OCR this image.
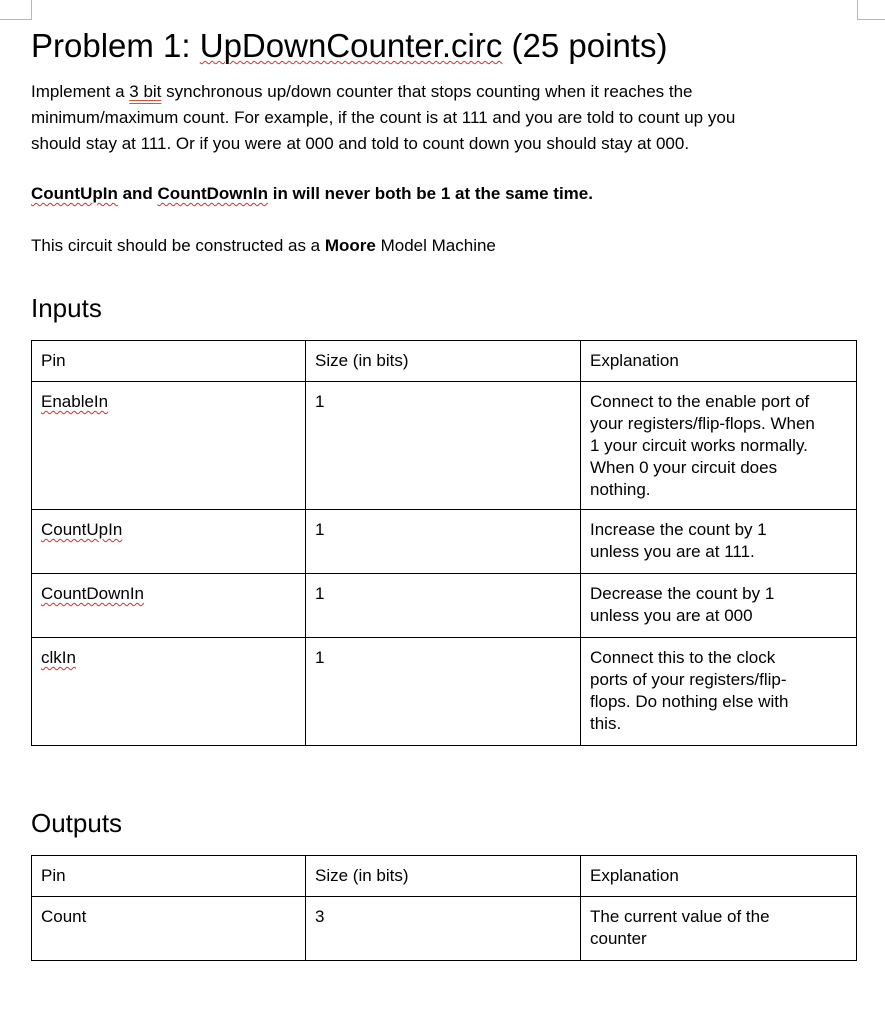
Problem 1: UpDownCounter.circ (25 points)
Implement a 3 bit synchronous up/down counter that stops counting when it reaches the
minimum/maximum count. For example, if the count is at 111 and you are told to count up you
should stay at 111. Or if you were at 000 and told to count down you should stay at 000.
CountUpIn and CountDownIn in will never both be 1 at the same time.
This circuit should be constructed as a Moore Model Machine
Inputs
Pin	Size (in bits)	Explanation
EnableIn	1	Connect to the enable port of
your registers/flip-flops. When
1 your circuit works normally.
When 0 your circuit does
nothing.

CountUpIn	1	Increase the count by 1
unless you are at 111.

CountDownIn	1	Decrease the count by 1
unless you are at 000

clkIn	1	Connect this to the clock
ports of your registers/flip-
flops. Do nothing else with
this.
Outputs
Pin	Size (in bits)	Explanation
Count	3	The current value of the
counter
